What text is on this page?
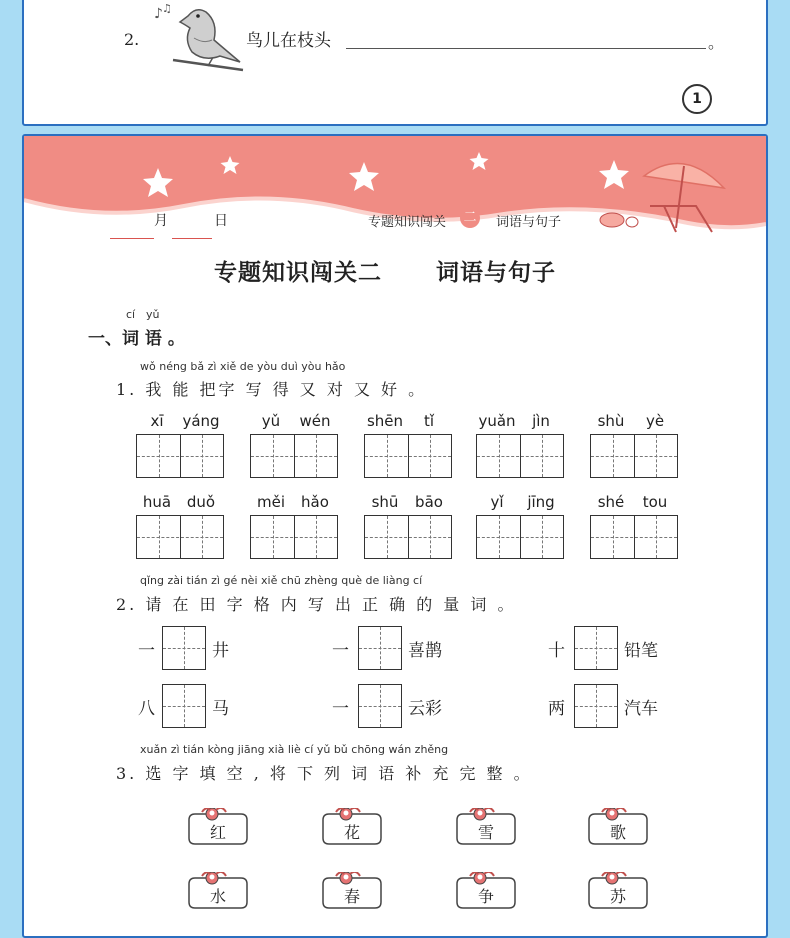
2.
♪ ♫
鸟儿在枝头	。
1
月	日	专题知识闯关 二 词语与句子
专题知识闯关二 词语与句子
cí yǔ
一、词 语 。
wǒ néng bǎ zì xiě de yòu duì yòu hǎo
1. 我 能 把字 写 得 又 对 又 好 。
xī	yáng	yǔ	wén	shēn	tǐ	yuǎn	jìn	shù	yè
huā	duǒ	měi	hǎo	shū	bāo	yǐ	jīng	shé	tou
qǐng zài tián zì gé nèi xiě chū zhèng què de liàng cí
2. 请 在 田 字 格 内 写 出 正 确 的 量 词 。
一	井	一	喜鹊	十	铅笔
八	马	一	云彩	两	汽车
xuǎn zì tián kòng jiāng xià liè cí yǔ bǔ chōng wán zhěng
3. 选 字 填 空 , 将 下 列 词 语 补 充 完 整 。
红	花	雪	歌
水	春	争	苏
